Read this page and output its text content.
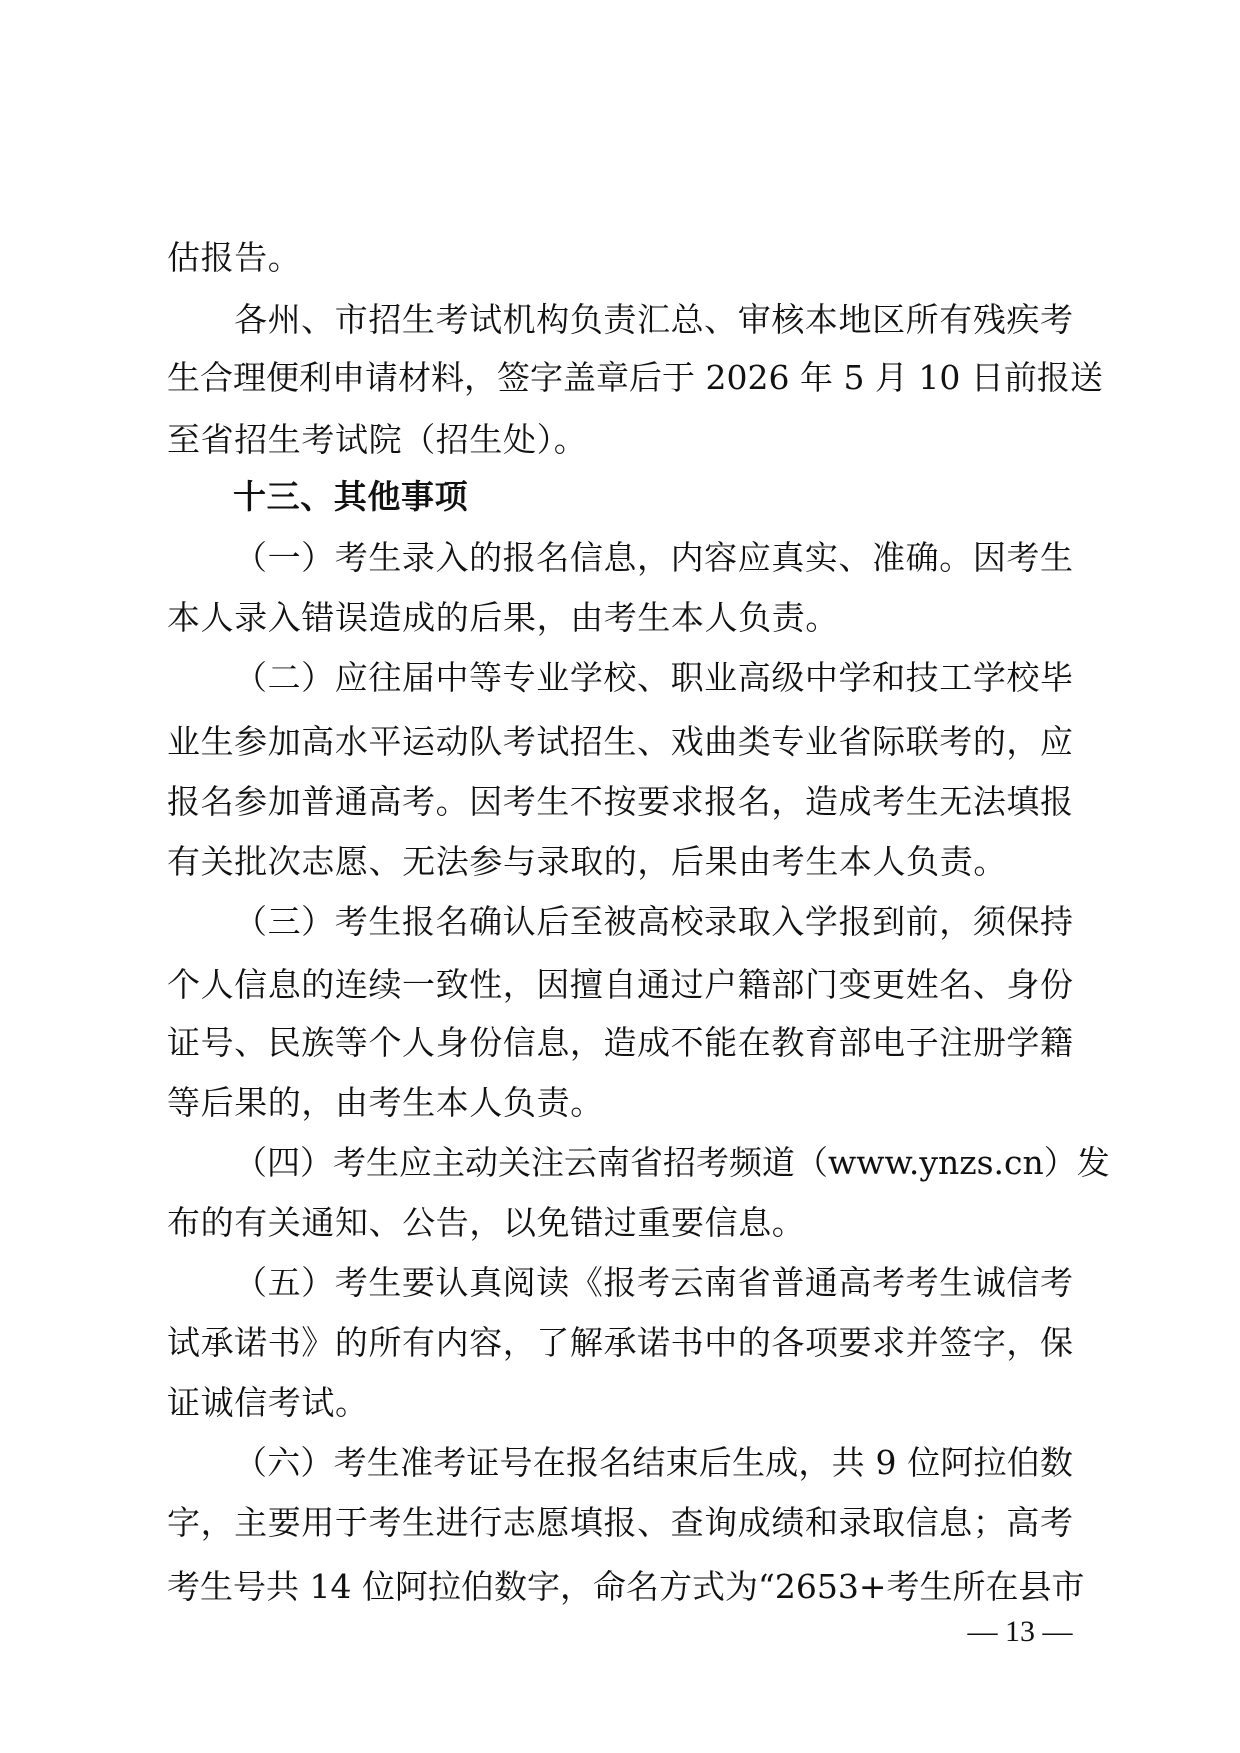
估报告。
各州、市招生考试机构负责汇总、审核本地区所有残疾考
生合理便利申请材料，签字盖章后于 2026 年 5 月 10 日前报送
至省招生考试院（招生处）。
十三、其他事项
（一）考生录入的报名信息，内容应真实、准确。因考生
本人录入错误造成的后果，由考生本人负责。
（二）应往届中等专业学校、职业高级中学和技工学校毕
业生参加高水平运动队考试招生、戏曲类专业省际联考的，应
报名参加普通高考。因考生不按要求报名，造成考生无法填报
有关批次志愿、无法参与录取的，后果由考生本人负责。
（三）考生报名确认后至被高校录取入学报到前，须保持
个人信息的连续一致性，因擅自通过户籍部门变更姓名、身份
证号、民族等个人身份信息，造成不能在教育部电子注册学籍
等后果的，由考生本人负责。
（四）考生应主动关注云南省招考频道（www.ynzs.cn）发
布的有关通知、公告，以免错过重要信息。
（五）考生要认真阅读《报考云南省普通高考考生诚信考
试承诺书》的所有内容，了解承诺书中的各项要求并签字，保
证诚信考试。
（六）考生准考证号在报名结束后生成，共 9 位阿拉伯数
字，主要用于考生进行志愿填报、查询成绩和录取信息；高考
考生号共 14 位阿拉伯数字，命名方式为“2653+考生所在县市
— 13 —
